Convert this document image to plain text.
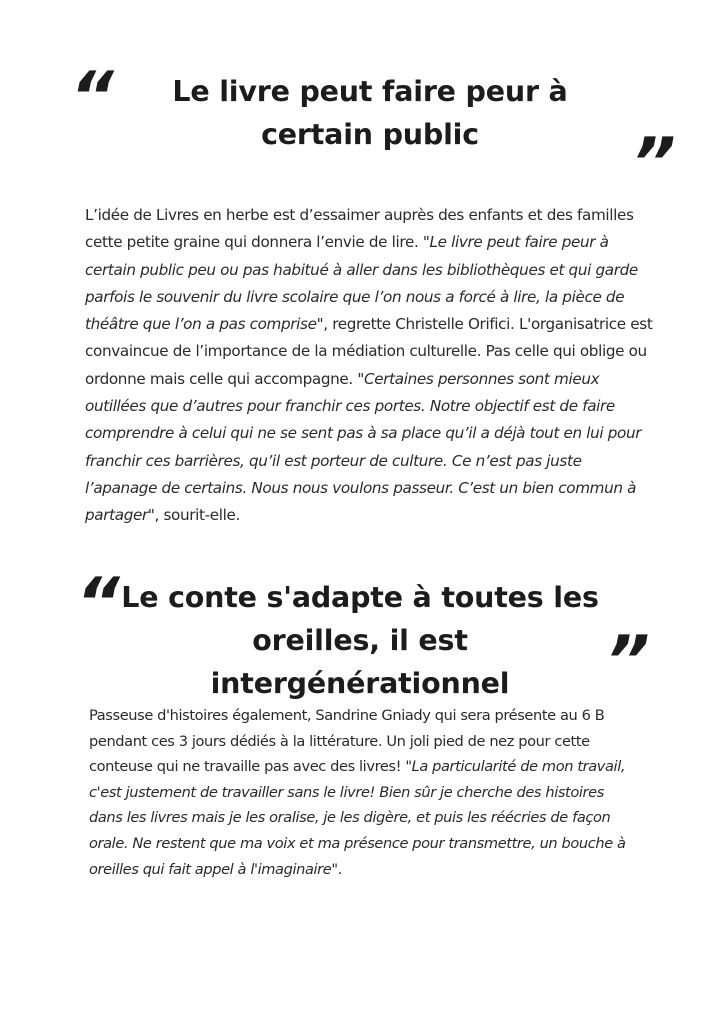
“	Le livre peut faire peur à certain public	”

L’idée de Livres en herbe est d’essaimer auprès des enfants et des familles cette petite graine qui donnera l’envie de lire. "Le livre peut faire peur à certain public peu ou pas habitué à aller dans les bibliothèques et qui garde parfois le souvenir du livre scolaire que l’on nous a forcé à lire, la pièce de théâtre que l’on a pas comprise", regrette Christelle Orifici. L'organisatrice est convaincue de l’importance de la médiation culturelle. Pas celle qui oblige ou ordonne mais celle qui accompagne. "Certaines personnes sont mieux outillées que d’autres pour franchir ces portes. Notre objectif est de faire comprendre à celui qui ne se sent pas à sa place qu’il a déjà tout en lui pour franchir ces barrières, qu’il est porteur de culture. Ce n’est pas juste l’apanage de certains. Nous nous voulons passeur. C’est un bien commun à partager", sourit-elle.

“ Le conte s'adapte à toutes les oreilles, il est intergénérationnel	”

Passeuse d'histoires également, Sandrine Gniady qui sera présente au 6 B pendant ces 3 jours dédiés à la littérature. Un joli pied de nez pour cette conteuse qui ne travaille pas avec des livres! "La particularité de mon travail, c'est justement de travailler sans le livre! Bien sûr je cherche des histoires dans les livres mais je les oralise, je les digère, et puis les réécries de façon orale. Ne restent que ma voix et ma présence pour transmettre, un bouche à oreilles qui fait appel à l'imaginaire".
